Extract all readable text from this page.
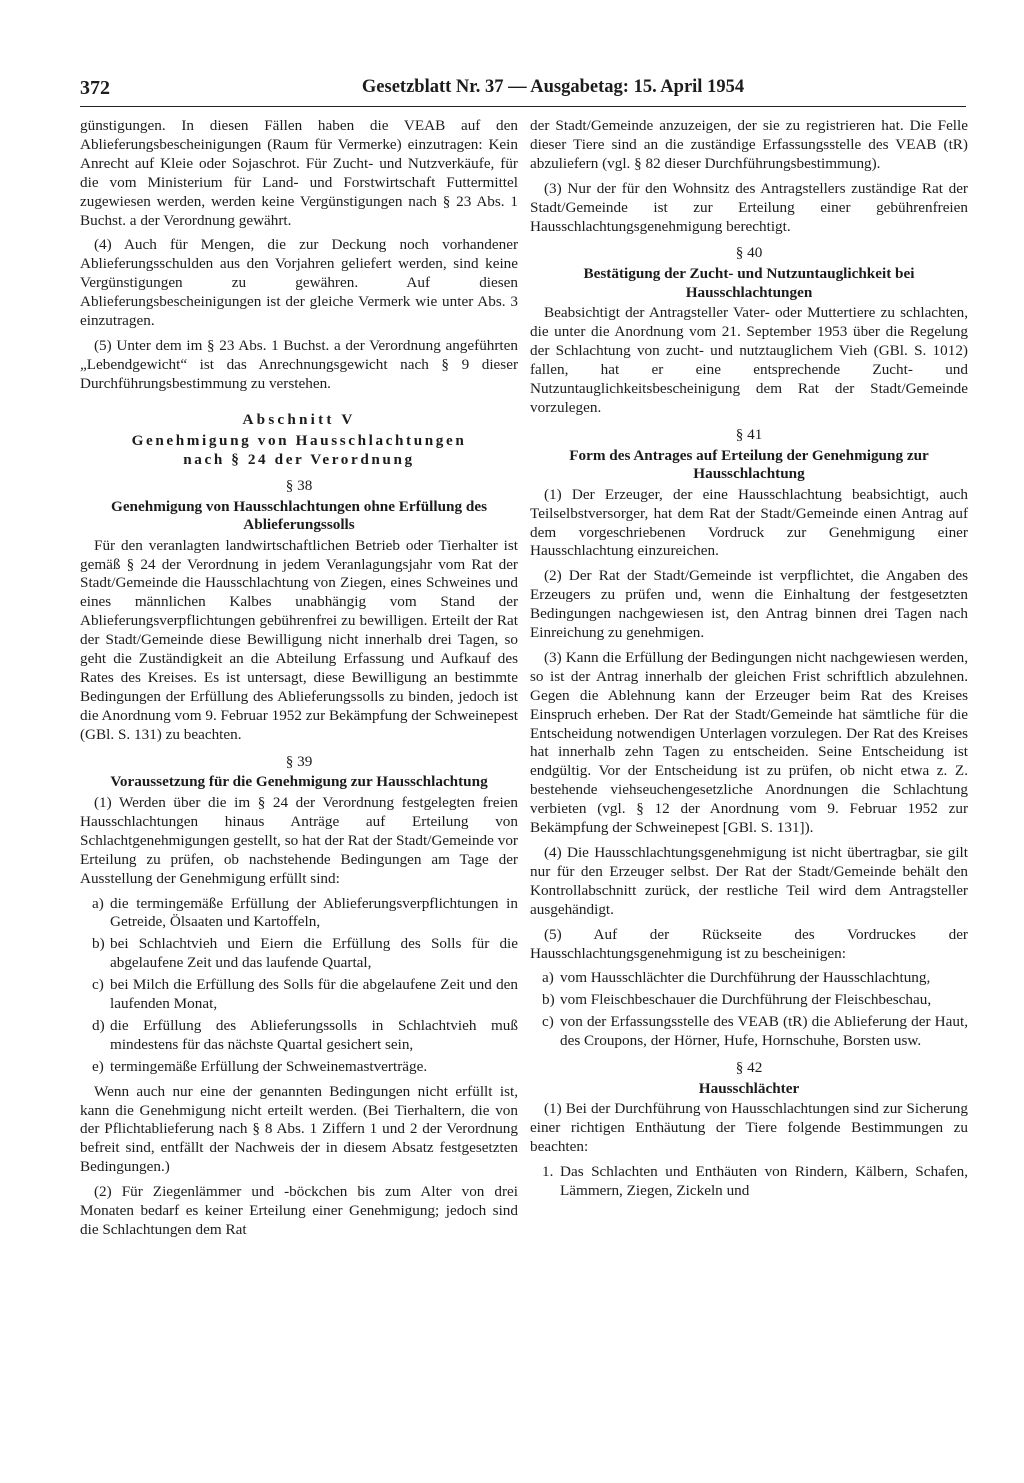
372	Gesetzblatt Nr. 37 — Ausgabetag: 15. April 1954

günstigungen. In diesen Fällen haben die VEAB auf den Ablieferungsbescheinigungen (Raum für Vermerke) einzutragen: Kein Anrecht auf Kleie oder Sojaschrot. Für Zucht- und Nutzverkäufe, für die vom Ministerium für Land- und Forstwirtschaft Futtermittel zugewiesen werden, werden keine Vergünstigungen nach § 23 Abs. 1 Buchst. a der Verordnung gewährt.

(4) Auch für Mengen, die zur Deckung noch vorhandener Ablieferungsschulden aus den Vorjahren geliefert werden, sind keine Vergünstigungen zu gewähren. Auf diesen Ablieferungsbescheinigungen ist der gleiche Vermerk wie unter Abs. 3 einzutragen.

(5) Unter dem im § 23 Abs. 1 Buchst. a der Verordnung angeführten „Lebendgewicht“ ist das Anrechnungsgewicht nach § 9 dieser Durchführungsbestimmung zu verstehen.

Abschnitt V
Genehmigung von Hausschlachtungen
nach § 24 der Verordnung
§ 38
Genehmigung von Hausschlachtungen ohne Erfüllung des Ablieferungssolls

Für den veranlagten landwirtschaftlichen Betrieb oder Tierhalter ist gemäß § 24 der Verordnung in jedem Veranlagungsjahr vom Rat der Stadt/Gemeinde die Hausschlachtung von Ziegen, eines Schweines und eines männlichen Kalbes unabhängig vom Stand der Ablieferungsverpflichtungen gebührenfrei zu bewilligen. Erteilt der Rat der Stadt/Gemeinde diese Bewilligung nicht innerhalb drei Tagen, so geht die Zuständigkeit an die Abteilung Erfassung und Aufkauf des Rates des Kreises. Es ist untersagt, diese Bewilligung an bestimmte Bedingungen der Erfüllung des Ablieferungssolls zu binden, jedoch ist die Anordnung vom 9. Februar 1952 zur Bekämpfung der Schweinepest (GBl. S. 131) zu beachten.

§ 39
Voraussetzung für die Genehmigung zur Hausschlachtung

(1) Werden über die im § 24 der Verordnung festgelegten freien Hausschlachtungen hinaus Anträge auf Erteilung von Schlachtgenehmigungen gestellt, so hat der Rat der Stadt/Gemeinde vor Erteilung zu prüfen, ob nachstehende Bedingungen am Tage der Ausstellung der Genehmigung erfüllt sind:

a) die termingemäße Erfüllung der Ablieferungsverpflichtungen in Getreide, Ölsaaten und Kartoffeln,
b) bei Schlachtvieh und Eiern die Erfüllung des Solls für die abgelaufene Zeit und das laufende Quartal,
c) bei Milch die Erfüllung des Solls für die abgelaufene Zeit und den laufenden Monat,
d) die Erfüllung des Ablieferungssolls in Schlachtvieh muß mindestens für das nächste Quartal gesichert sein,
e) termingemäße Erfüllung der Schweinemastverträge.

Wenn auch nur eine der genannten Bedingungen nicht erfüllt ist, kann die Genehmigung nicht erteilt werden. (Bei Tierhaltern, die von der Pflichtablieferung nach § 8 Abs. 1 Ziffern 1 und 2 der Verordnung befreit sind, entfällt der Nachweis der in diesem Absatz festgesetzten Bedingungen.)

(2) Für Ziegenlämmer und -böckchen bis zum Alter von drei Monaten bedarf es keiner Erteilung einer Genehmigung; jedoch sind die Schlachtungen dem Rat

der Stadt/Gemeinde anzuzeigen, der sie zu registrieren hat. Die Felle dieser Tiere sind an die zuständige Erfassungsstelle des VEAB (tR) abzuliefern (vgl. § 82 dieser Durchführungsbestimmung).

(3) Nur der für den Wohnsitz des Antragstellers zuständige Rat der Stadt/Gemeinde ist zur Erteilung einer gebührenfreien Hausschlachtungsgenehmigung berechtigt.

§ 40
Bestätigung der Zucht- und Nutzuntauglichkeit bei Hausschlachtungen

Beabsichtigt der Antragsteller Vater- oder Muttertiere zu schlachten, die unter die Anordnung vom 21. September 1953 über die Regelung der Schlachtung von zucht- und nutztauglichem Vieh (GBl. S. 1012) fallen, hat er eine entsprechende Zucht- und Nutzuntauglichkeitsbescheinigung dem Rat der Stadt/Gemeinde vorzulegen.

§ 41
Form des Antrages auf Erteilung der Genehmigung zur Hausschlachtung

(1) Der Erzeuger, der eine Hausschlachtung beabsichtigt, auch Teilselbstversorger, hat dem Rat der Stadt/Gemeinde einen Antrag auf dem vorgeschriebenen Vordruck zur Genehmigung einer Hausschlachtung einzureichen.

(2) Der Rat der Stadt/Gemeinde ist verpflichtet, die Angaben des Erzeugers zu prüfen und, wenn die Einhaltung der festgesetzten Bedingungen nachgewiesen ist, den Antrag binnen drei Tagen nach Einreichung zu genehmigen.

(3) Kann die Erfüllung der Bedingungen nicht nachgewiesen werden, so ist der Antrag innerhalb der gleichen Frist schriftlich abzulehnen. Gegen die Ablehnung kann der Erzeuger beim Rat des Kreises Einspruch erheben. Der Rat der Stadt/Gemeinde hat sämtliche für die Entscheidung notwendigen Unterlagen vorzulegen. Der Rat des Kreises hat innerhalb zehn Tagen zu entscheiden. Seine Entscheidung ist endgültig. Vor der Entscheidung ist zu prüfen, ob nicht etwa z. Z. bestehende viehseuchengesetzliche Anordnungen die Schlachtung verbieten (vgl. § 12 der Anordnung vom 9. Februar 1952 zur Bekämpfung der Schweinepest [GBl. S. 131]).

(4) Die Hausschlachtungsgenehmigung ist nicht übertragbar, sie gilt nur für den Erzeuger selbst. Der Rat der Stadt/Gemeinde behält den Kontrollabschnitt zurück, der restliche Teil wird dem Antragsteller ausgehändigt.

(5) Auf der Rückseite des Vordruckes der Hausschlachtungsgenehmigung ist zu bescheinigen:

a) vom Hausschlächter die Durchführung der Hausschlachtung,
b) vom Fleischbeschauer die Durchführung der Fleischbeschau,
c) von der Erfassungsstelle des VEAB (tR) die Ablieferung der Haut, des Croupons, der Hörner, Hufe, Hornschuhe, Borsten usw.
§ 42
Hausschlächter

(1) Bei der Durchführung von Hausschlachtungen sind zur Sicherung einer richtigen Enthäutung der Tiere folgende Bestimmungen zu beachten:

1. Das Schlachten und Enthäuten von Rindern, Kälbern, Schafen, Lämmern, Ziegen, Zickeln und
